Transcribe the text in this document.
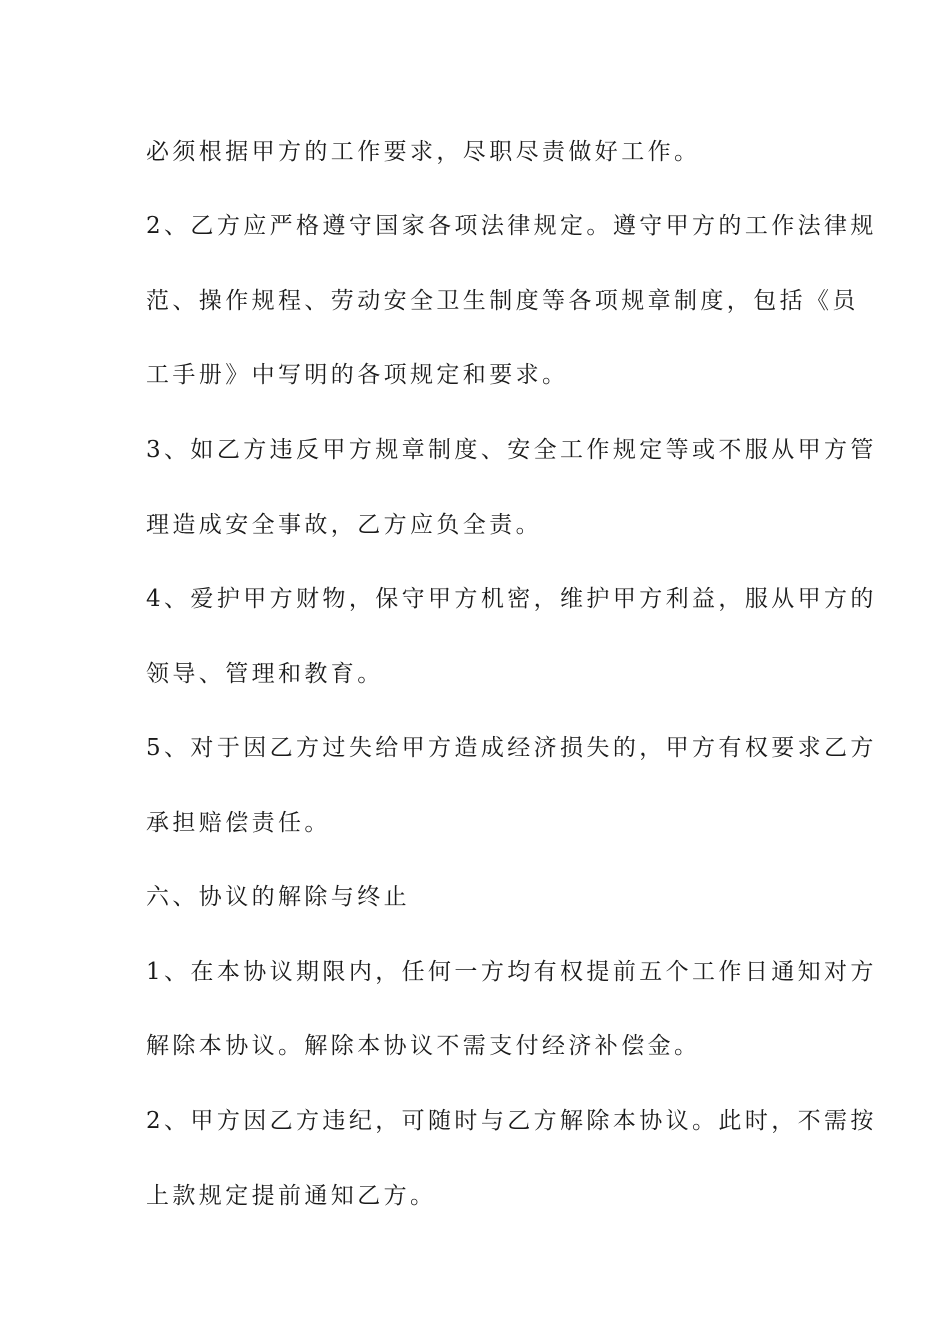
必须根据甲方的工作要求，尽职尽责做好工作。
2、乙方应严格遵守国家各项法律规定。遵守甲方的工作法律规
范、操作规程、劳动安全卫生制度等各项规章制度，包括《员
工手册》中写明的各项规定和要求。
3、如乙方违反甲方规章制度、安全工作规定等或不服从甲方管
理造成安全事故，乙方应负全责。
4、爱护甲方财物，保守甲方机密，维护甲方利益，服从甲方的
领导、管理和教育。
5、对于因乙方过失给甲方造成经济损失的，甲方有权要求乙方
承担赔偿责任。
六、协议的解除与终止
1、在本协议期限内，任何一方均有权提前五个工作日通知对方
解除本协议。解除本协议不需支付经济补偿金。
2、甲方因乙方违纪，可随时与乙方解除本协议。此时，不需按
上款规定提前通知乙方。
